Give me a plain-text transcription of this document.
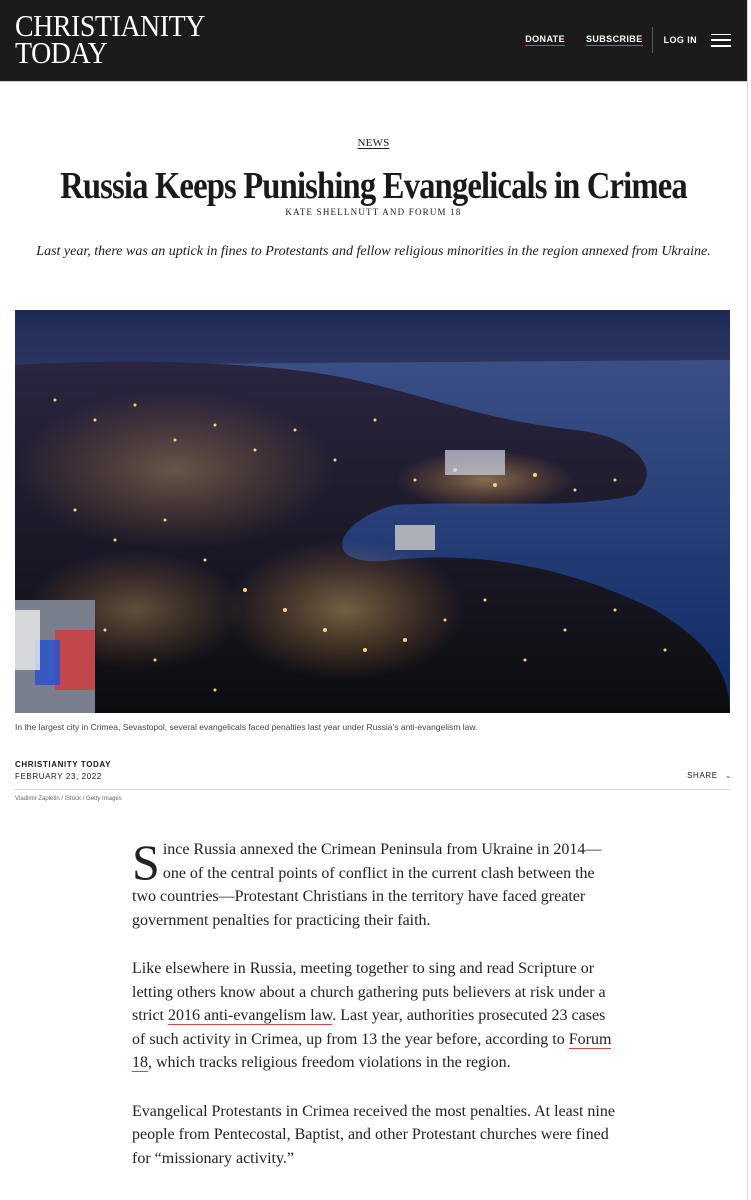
CHRISTIANITY
TODAY	DONATE SUBSCRIBE LOG IN
NEWS
Russia Keeps Punishing Evangelicals in Crimea
KATE SHELLNUTT AND FORUM 18
Last year, there was an uptick in fines to Protestants and fellow religious minorities in the region annexed from Ukraine.
In the largest city in Crimea, Sevastopol, several evangelicals faced penalties last year under Russia’s anti-evangelism law.
CHRISTIANITY TODAY
FEBRUARY 23, 2022	SHARE ⌄
Vladimir Zapletin / iStock / Getty Images

Since Russia annexed the Crimean Peninsula from Ukraine in 2014—one of the central points of conflict in the current clash between the two countries—Protestant Christians in the territory have faced greater government penalties for practicing their faith.

Like elsewhere in Russia, meeting together to sing and read Scripture or letting others know about a church gathering puts believers at risk under a strict 2016 anti-evangelism law. Last year, authorities prosecuted 23 cases of such activity in Crimea, up from 13 the year before, according to Forum 18, which tracks religious freedom violations in the region.

Evangelical Protestants in Crimea received the most penalties. At least nine people from Pentecostal, Baptist, and other Protestant churches were fined for “missionary activity.”
